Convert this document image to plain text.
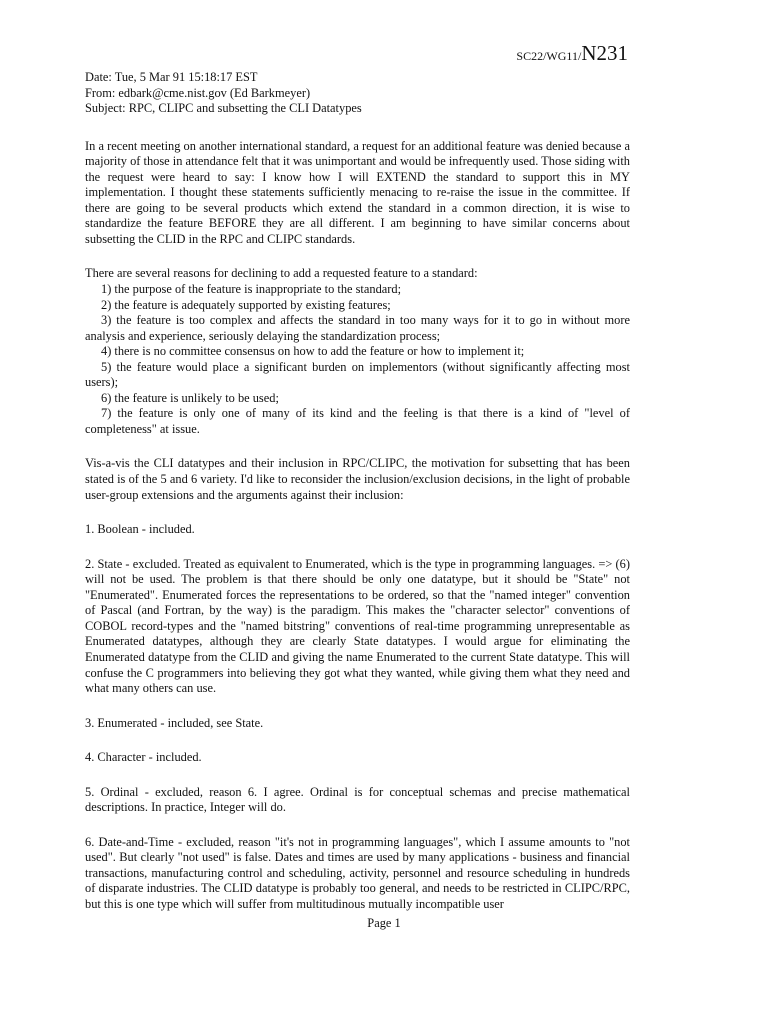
SC22/WG11/N231

Date: Tue, 5 Mar 91 15:18:17 EST

From: edbark@cme.nist.gov (Ed Barkmeyer)

Subject: RPC, CLIPC and subsetting the CLI Datatypes

In a recent meeting on another international standard, a request for an additional feature was denied because a majority of those in attendance felt that it was unimportant and would be infrequently used. Those siding with the request were heard to say: I know how I will EXTEND the standard to support this in MY implementation. I thought these statements sufficiently menacing to re-raise the issue in the committee. If there are going to be several products which extend the standard in a common direction, it is wise to standardize the feature BEFORE they are all different. I am beginning to have similar concerns about subsetting the CLID in the RPC and CLIPC standards.

There are several reasons for declining to add a requested feature to a standard:

1) the purpose of the feature is inappropriate to the standard;

2) the feature is adequately supported by existing features;

3) the feature is too complex and affects the standard in too many ways for it to go in without more analysis and experience, seriously delaying the standardization process;

4) there is no committee consensus on how to add the feature or how to implement it;

5) the feature would place a significant burden on implementors (without significantly affecting most users);

6) the feature is unlikely to be used;

7) the feature is only one of many of its kind and the feeling is that there is a kind of "level of completeness" at issue.

Vis-a-vis the CLI datatypes and their inclusion in RPC/CLIPC, the motivation for subsetting that has been stated is of the 5 and 6 variety. I'd like to reconsider the inclusion/exclusion decisions, in the light of probable user-group extensions and the arguments against their inclusion:

1. Boolean - included.

2. State - excluded. Treated as equivalent to Enumerated, which is the type in programming languages. => (6) will not be used. The problem is that there should be only one datatype, but it should be "State" not "Enumerated". Enumerated forces the representations to be ordered, so that the "named integer" convention of Pascal (and Fortran, by the way) is the paradigm. This makes the "character selector" conventions of COBOL record-types and the "named bitstring" conventions of real-time programming unrepresentable as Enumerated datatypes, although they are clearly State datatypes. I would argue for eliminating the Enumerated datatype from the CLID and giving the name Enumerated to the current State datatype. This will confuse the C programmers into believing they got what they wanted, while giving them what they need and what many others can use.

3. Enumerated - included, see State.

4. Character - included.

5. Ordinal - excluded, reason 6. I agree. Ordinal is for conceptual schemas and precise mathematical descriptions. In practice, Integer will do.

6. Date-and-Time - excluded, reason "it's not in programming languages", which I assume amounts to "not used". But clearly "not used" is false. Dates and times are used by many applications - business and financial transactions, manufacturing control and scheduling, activity, personnel and resource scheduling in hundreds of disparate industries. The CLID datatype is probably too general, and needs to be restricted in CLIPC/RPC, but this is one type which will suffer from multitudinous mutually incompatible user

Page 1
